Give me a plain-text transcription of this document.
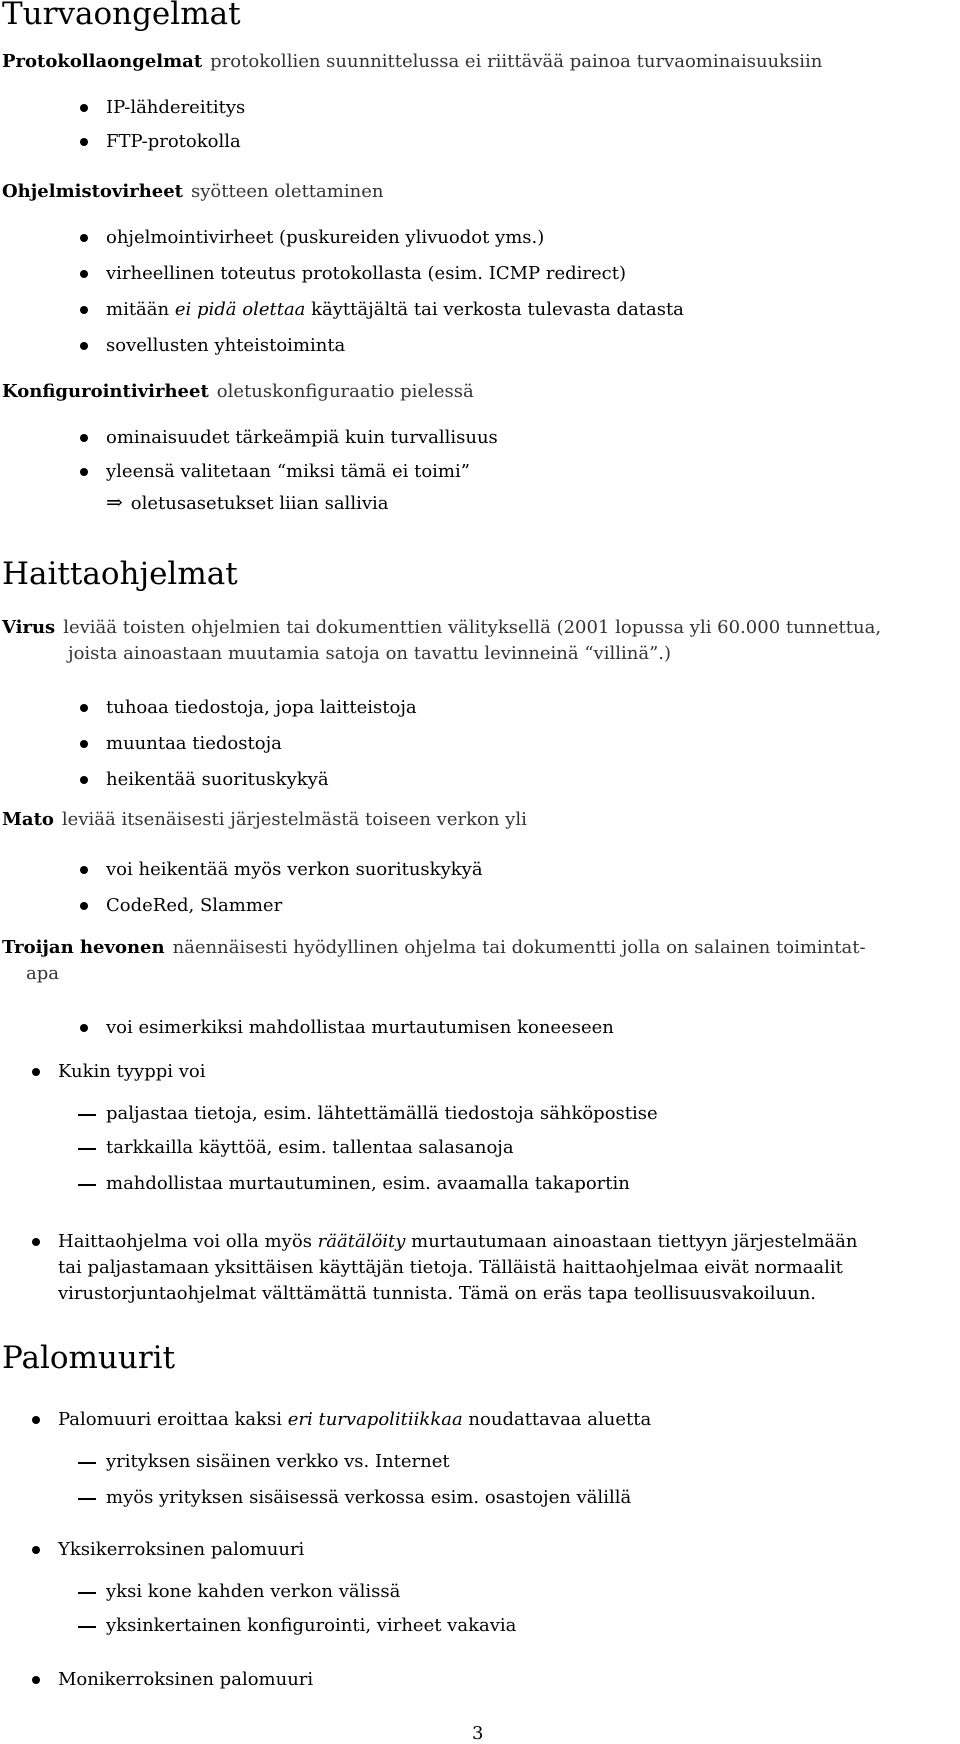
Turvaongelmat
Protokollaongelmat protokollien suunnittelussa ei riittävää painoa turvaominaisuuksiin
IP-lähdereititys
FTP-protokolla
Ohjelmistovirheet syötteen olettaminen
ohjelmointivirheet (puskureiden ylivuodot yms.)
virheellinen toteutus protokollasta (esim. ICMP redirect)
mitään ei pidä olettaa käyttäjältä tai verkosta tulevasta datasta
sovellusten yhteistoiminta
Konfigurointivirheet oletuskonfiguraatio pielessä
ominaisuudet tärkeämpiä kuin turvallisuus
yleensä valitetaan “miksi tämä ei toimi”
⇒ oletusasetukset liian sallivia
Haittaohjelmat
Virus leviää toisten ohjelmien tai dokumenttien välityksellä (2001 lopussa yli 60.000 tunnettua,
joista ainoastaan muutamia satoja on tavattu levinneinä “villinä”.)
tuhoaa tiedostoja, jopa laitteistoja
muuntaa tiedostoja
heikentää suorituskykyä
Mato leviää itsenäisesti järjestelmästä toiseen verkon yli
voi heikentää myös verkon suorituskykyä
CodeRed, Slammer
Troijan hevonen näennäisesti hyödyllinen ohjelma tai dokumentti jolla on salainen toimintat-
apa
voi esimerkiksi mahdollistaa murtautumisen koneeseen
Kukin tyyppi voi
paljastaa tietoja, esim. lähtettämällä tiedostoja sähköpostise
tarkkailla käyttöä, esim. tallentaa salasanoja
mahdollistaa murtautuminen, esim. avaamalla takaportin
Haittaohjelma voi olla myös räätälöity murtautumaan ainoastaan tiettyyn järjestelmään
tai paljastamaan yksittäisen käyttäjän tietoja. Tälläistä haittaohjelmaa eivät normaalit
virustorjuntaohjelmat välttämättä tunnista. Tämä on eräs tapa teollisuusvakoiluun.
Palomuurit
Palomuuri eroittaa kaksi eri turvapolitiikkaa noudattavaa aluetta
yrityksen sisäinen verkko vs. Internet
myös yrityksen sisäisessä verkossa esim. osastojen välillä
Yksikerroksinen palomuuri
yksi kone kahden verkon välissä
yksinkertainen konfigurointi, virheet vakavia
Monikerroksinen palomuuri
3
